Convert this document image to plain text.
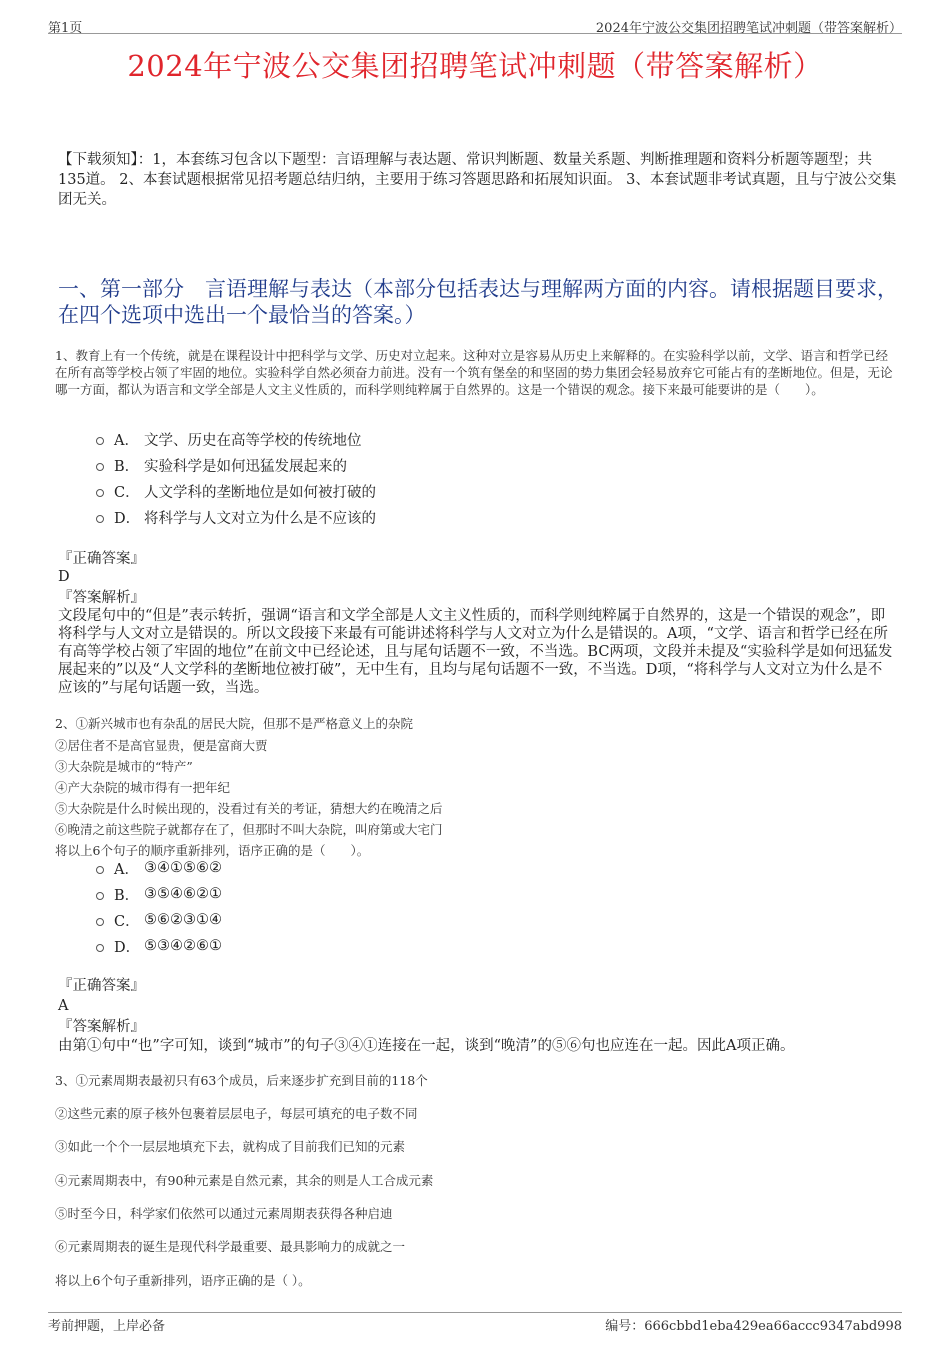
第1页	2024年宁波公交集团招聘笔试冲刺题（带答案解析）
2024年宁波公交集团招聘笔试冲刺题（带答案解析）
【下载须知】：1，本套练习包含以下题型：言语理解与表达题、常识判断题、数量关系题、判断推理题和资料分析题等题型；共135道。 2、本套试题根据常见招考题总结归纳，主要用于练习答题思路和拓展知识面。 3、本套试题非考试真题，且与宁波公交集团无关。
一、第一部分　言语理解与表达（本部分包括表达与理解两方面的内容。请根据题目要求，在四个选项中选出一个最恰当的答案。）
1、教育上有一个传统，就是在课程设计中把科学与文学、历史对立起来。这种对立是容易从历史上来解释的。在实验科学以前，文学、语言和哲学已经在所有高等学校占领了牢固的地位。实验科学自然必须奋力前进。没有一个筑有堡垒的和坚固的势力集团会轻易放弃它可能占有的垄断地位。但是，无论哪一方面，都认为语言和文学全部是人文主义性质的，而科学则纯粹属于自然界的。这是一个错误的观念。接下来最可能要讲的是（　　）。
A． 文学、历史在高等学校的传统地位
B． 实验科学是如何迅猛发展起来的
C． 人文学科的垄断地位是如何被打破的
D． 将科学与人文对立为什么是不应该的
『正确答案』
D
『答案解析』
文段尾句中的“但是”表示转折，强调“语言和文学全部是人文主义性质的，而科学则纯粹属于自然界的，这是一个错误的观念”，即将科学与人文对立是错误的。所以文段接下来最有可能讲述将科学与人文对立为什么是错误的。A项，“文学、语言和哲学已经在所有高等学校占领了牢固的地位”在前文中已经论述，且与尾句话题不一致，不当选。BC两项，文段并未提及“实验科学是如何迅猛发展起来的”以及“人文学科的垄断地位被打破”，无中生有，且均与尾句话题不一致，不当选。D项，“将科学与人文对立为什么是不应该的”与尾句话题一致，当选。
2、①新兴城市也有杂乱的居民大院，但那不是严格意义上的杂院
②居住者不是高官显贵，便是富商大贾
③大杂院是城市的“特产”
④产大杂院的城市得有一把年纪
⑤大杂院是什么时候出现的，没看过有关的考证，猜想大约在晚清之后
⑥晚清之前这些院子就都存在了，但那时不叫大杂院，叫府第或大宅门
将以上6个句子的顺序重新排列，语序正确的是（　　）。
A． ③④①⑤⑥②
B． ③⑤④⑥②①
C． ⑤⑥②③①④
D． ⑤③④②⑥①
『正确答案』
A
『答案解析』
由第①句中“也”字可知，谈到“城市”的句子③④①连接在一起，谈到“晚清”的⑤⑥句也应连在一起。因此A项正确。
3、①元素周期表最初只有63个成员，后来逐步扩充到目前的118个
②这些元素的原子核外包裹着层层电子，每层可填充的电子数不同
③如此一个个一层层地填充下去，就构成了目前我们已知的元素
④元素周期表中，有90种元素是自然元素，其余的则是人工合成元素
⑤时至今日，科学家们依然可以通过元素周期表获得各种启迪
⑥元素周期表的诞生是现代科学最重要、最具影响力的成就之一
将以上6个句子重新排列，语序正确的是（ ）。
考前押题，上岸必备	编号：666cbbd1eba429ea66accc9347abd998
